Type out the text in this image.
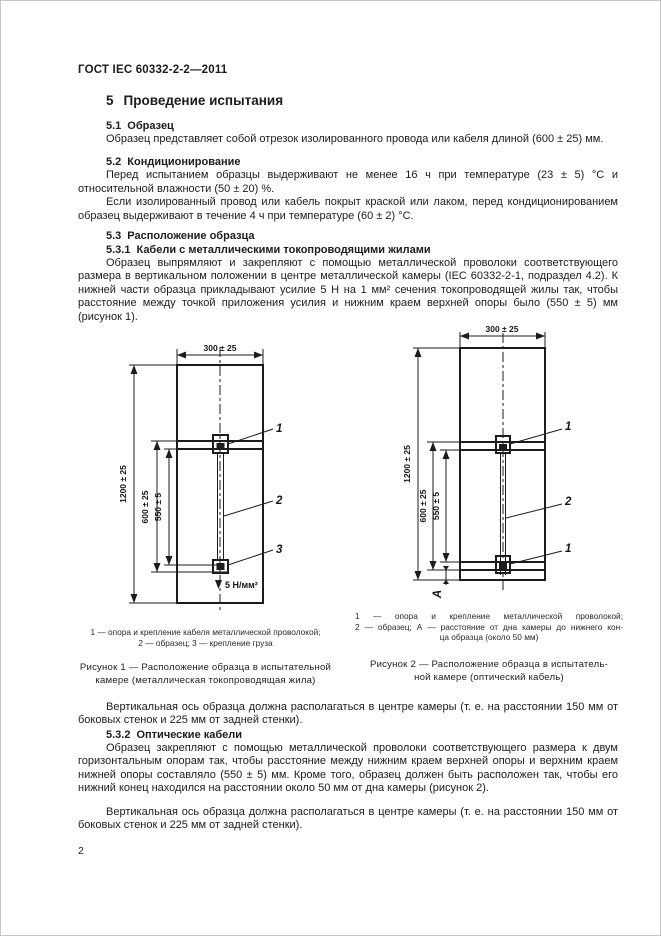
ГОСТ IEC 60332-2-2—2011
5 Проведение испытания
5.1 Образец

Образец представляет собой отрезок изолированного провода или кабеля длиной (600 ± 25) мм.

5.2 Кондиционирование

Перед испытанием образцы выдерживают не менее 16 ч при температуре (23 ± 5) °С и относительной влажности (50 ± 20) %.

Если изолированный провод или кабель покрыт краской или лаком, перед кондиционированием образец выдерживают в течение 4 ч при температуре (60 ± 2) °С.

5.3 Расположение образца
5.3.1 Кабели с металлическими токопроводящими жилами

Образец выпрямляют и закрепляют с помощью металлической проволоки соответствующего размера в вертикальном положении в центре металлической камеры (IEC 60332-2-1, подраздел 4.2). К нижней части образца прикладывают усилие 5 Н на 1 мм² сечения токопроводящей жилы так, чтобы расстояние между точкой приложения усилия и нижним краем верхней опоры было (550 ± 5) мм (рисунок 1).

300 ± 25
1200 ± 25
600 ± 25 550 ± 5
5 Н/мм²
1
2
3
300 ± 25
1200 ± 25
600 ± 25 550 ± 5
А
1
2
1
1 — опора и крепление кабеля металлической проволокой;
2 — образец; 3 — крепление груза
1 — опора и крепление металлической проволокой;
2 — образец; А — расстояние от дна камеры до нижнего кон-
ца образца (около 50 мм)
Рисунок 1 — Расположение образца в испытательной
камере (металлическая токопроводящая жила)
Рисунок 2 — Расположение образца в испытатель-
ной камере (оптический кабель)

Вертикальная ось образца должна располагаться в центре камеры (т. е. на расстоянии 150 мм от боковых стенок и 225 мм от задней стенки).

5.3.2 Оптические кабели

Образец закрепляют с помощью металлической проволоки соответствующего размера к двум горизонтальным опорам так, чтобы расстояние между нижним краем верхней опоры и верхним краем нижней опоры составляло (550 ± 5) мм. Кроме того, образец должен быть расположен так, чтобы его нижний конец находился на расстоянии около 50 мм от дна камеры (рисунок 2).

Вертикальная ось образца должна располагаться в центре камеры (т. е. на расстоянии 150 мм от боковых стенок и 225 мм от задней стенки).

2
